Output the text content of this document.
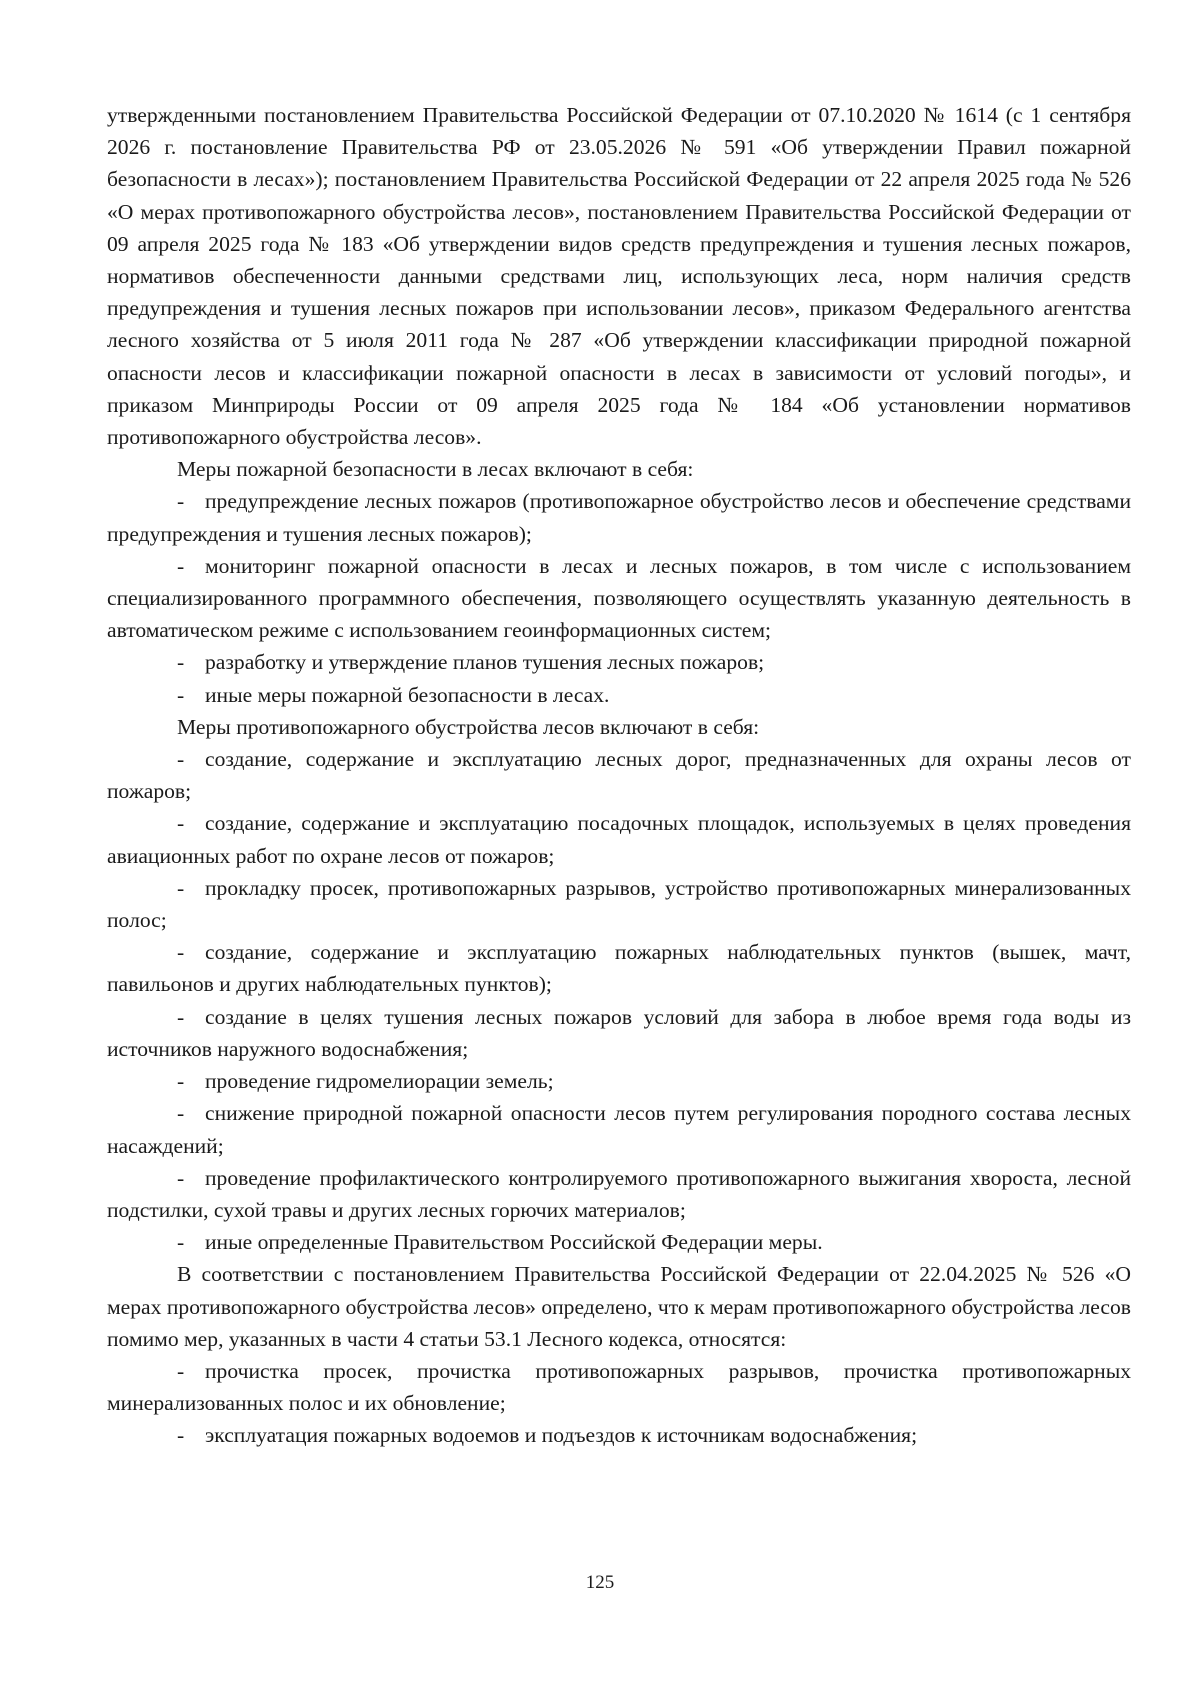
утвержденными постановлением Правительства Российской Федерации от 07.10.2020 № 1614 (с 1 сентября 2026 г. постановление Правительства РФ от 23.05.2026 № 591 «Об утверждении Правил пожарной безопасности в лесах»); постановлением Правительства Российской Федерации от 22 апреля 2025 года № 526 «О мерах противопожарного обустройства лесов», постановлением Правительства Российской Федерации от 09 апреля 2025 года № 183 «Об утверждении видов средств предупреждения и тушения лесных пожаров, нормативов обеспеченности данными средствами лиц, использующих леса, норм наличия средств предупреждения и тушения лесных пожаров при использовании лесов», приказом Федерального агентства лесного хозяйства от 5 июля 2011 года № 287 «Об утверждении классификации природной пожарной опасности лесов и классификации пожарной опасности в лесах в зависимости от условий погоды», и приказом Минприроды России от 09 апреля 2025 года № 184 «Об установлении нормативов противопожарного обустройства лесов».

Меры пожарной безопасности в лесах включают в себя:

- предупреждение лесных пожаров (противопожарное обустройство лесов и обеспечение средствами предупреждения и тушения лесных пожаров);

- мониторинг пожарной опасности в лесах и лесных пожаров, в том числе с использованием специализированного программного обеспечения, позволяющего осуществлять указанную деятельность в автоматическом режиме с использованием геоинформационных систем;

- разработку и утверждение планов тушения лесных пожаров;

- иные меры пожарной безопасности в лесах.

Меры противопожарного обустройства лесов включают в себя:

- создание, содержание и эксплуатацию лесных дорог, предназначенных для охраны лесов от пожаров;

- создание, содержание и эксплуатацию посадочных площадок, используемых в целях проведения авиационных работ по охране лесов от пожаров;

- прокладку просек, противопожарных разрывов, устройство противопожарных минерализованных полос;

- создание, содержание и эксплуатацию пожарных наблюдательных пунктов (вышек, мачт, павильонов и других наблюдательных пунктов);

- создание в целях тушения лесных пожаров условий для забора в любое время года воды из источников наружного водоснабжения;

- проведение гидромелиорации земель;

- снижение природной пожарной опасности лесов путем регулирования породного состава лесных насаждений;

- проведение профилактического контролируемого противопожарного выжигания хвороста, лесной подстилки, сухой травы и других лесных горючих материалов;

- иные определенные Правительством Российской Федерации меры.

В соответствии с постановлением Правительства Российской Федерации от 22.04.2025 № 526 «О мерах противопожарного обустройства лесов» определено, что к мерам противопожарного обустройства лесов помимо мер, указанных в части 4 статьи 53.1 Лесного кодекса, относятся:

- прочистка просек, прочистка противопожарных разрывов, прочистка противопожарных минерализованных полос и их обновление;

- эксплуатация пожарных водоемов и подъездов к источникам водоснабжения;

125
